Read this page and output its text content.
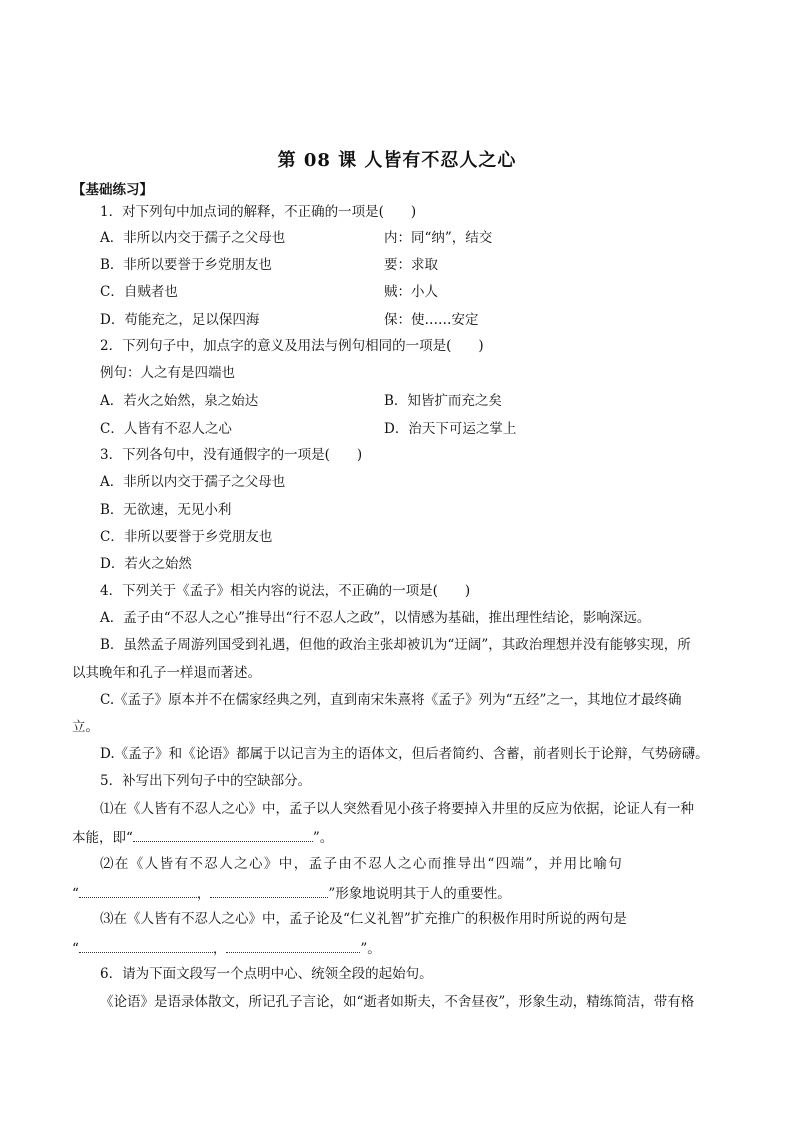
第 08 课 人皆有不忍人之心
【基础练习】
1．对下列句中加点词的解释，不正确的一项是(　　)
A．非所以内交于孺子之父母也	内：同“纳”，结交
B．非所以要誉于乡党朋友也	要：求取
C．自贼者也	贼：小人
D．苟能充之，足以保四海	保：使……安定
2．下列句子中，加点字的意义及用法与例句相同的一项是(　　)
例句：人之有是四端也
A．若火之始然，泉之始达	B．知皆扩而充之矣
C．人皆有不忍人之心	D．治天下可运之掌上
3．下列各句中，没有通假字的一项是(　　)
A．非所以内交于孺子之父母也
B．无欲速，无见小利
C．非所以要誉于乡党朋友也
D．若火之始然
4．下列关于《孟子》相关内容的说法，不正确的一项是(　　)
A．孟子由“不忍人之心”推导出“行不忍人之政”，以情感为基础，推出理性结论，影响深远。
B．虽然孟子周游列国受到礼遇，但他的政治主张却被讥为“迂阔”，其政治理想并没有能够实现，所
以其晚年和孔子一样退而著述。
C.《孟子》原本并不在儒家经典之列，直到南宋朱熹将《孟子》列为“五经”之一，其地位才最终确
立。
D.《孟子》和《论语》都属于以记言为主的语体文，但后者简约、含蓄，前者则长于论辩，气势磅礴。
5．补写出下列句子中的空缺部分。
⑴在《人皆有不忍人之心》中，孟子以人突然看见小孩子将要掉入井里的反应为依据，论证人有一种
本能，即“	”。
⑵在《人皆有不忍人之心》中，孟子由不忍人之心而推导出“四端”，并用比喻句
“	，	”形象地说明其于人的重要性。
⑶在《人皆有不忍人之心》中，孟子论及“仁义礼智”扩充推广的积极作用时所说的两句是
“	，	”。
6．请为下面文段写一个点明中心、统领全段的起始句。
《论语》是语录体散文，所记孔子言论，如“逝者如斯夫，不舍昼夜”，形象生动，精练简洁，带有格
